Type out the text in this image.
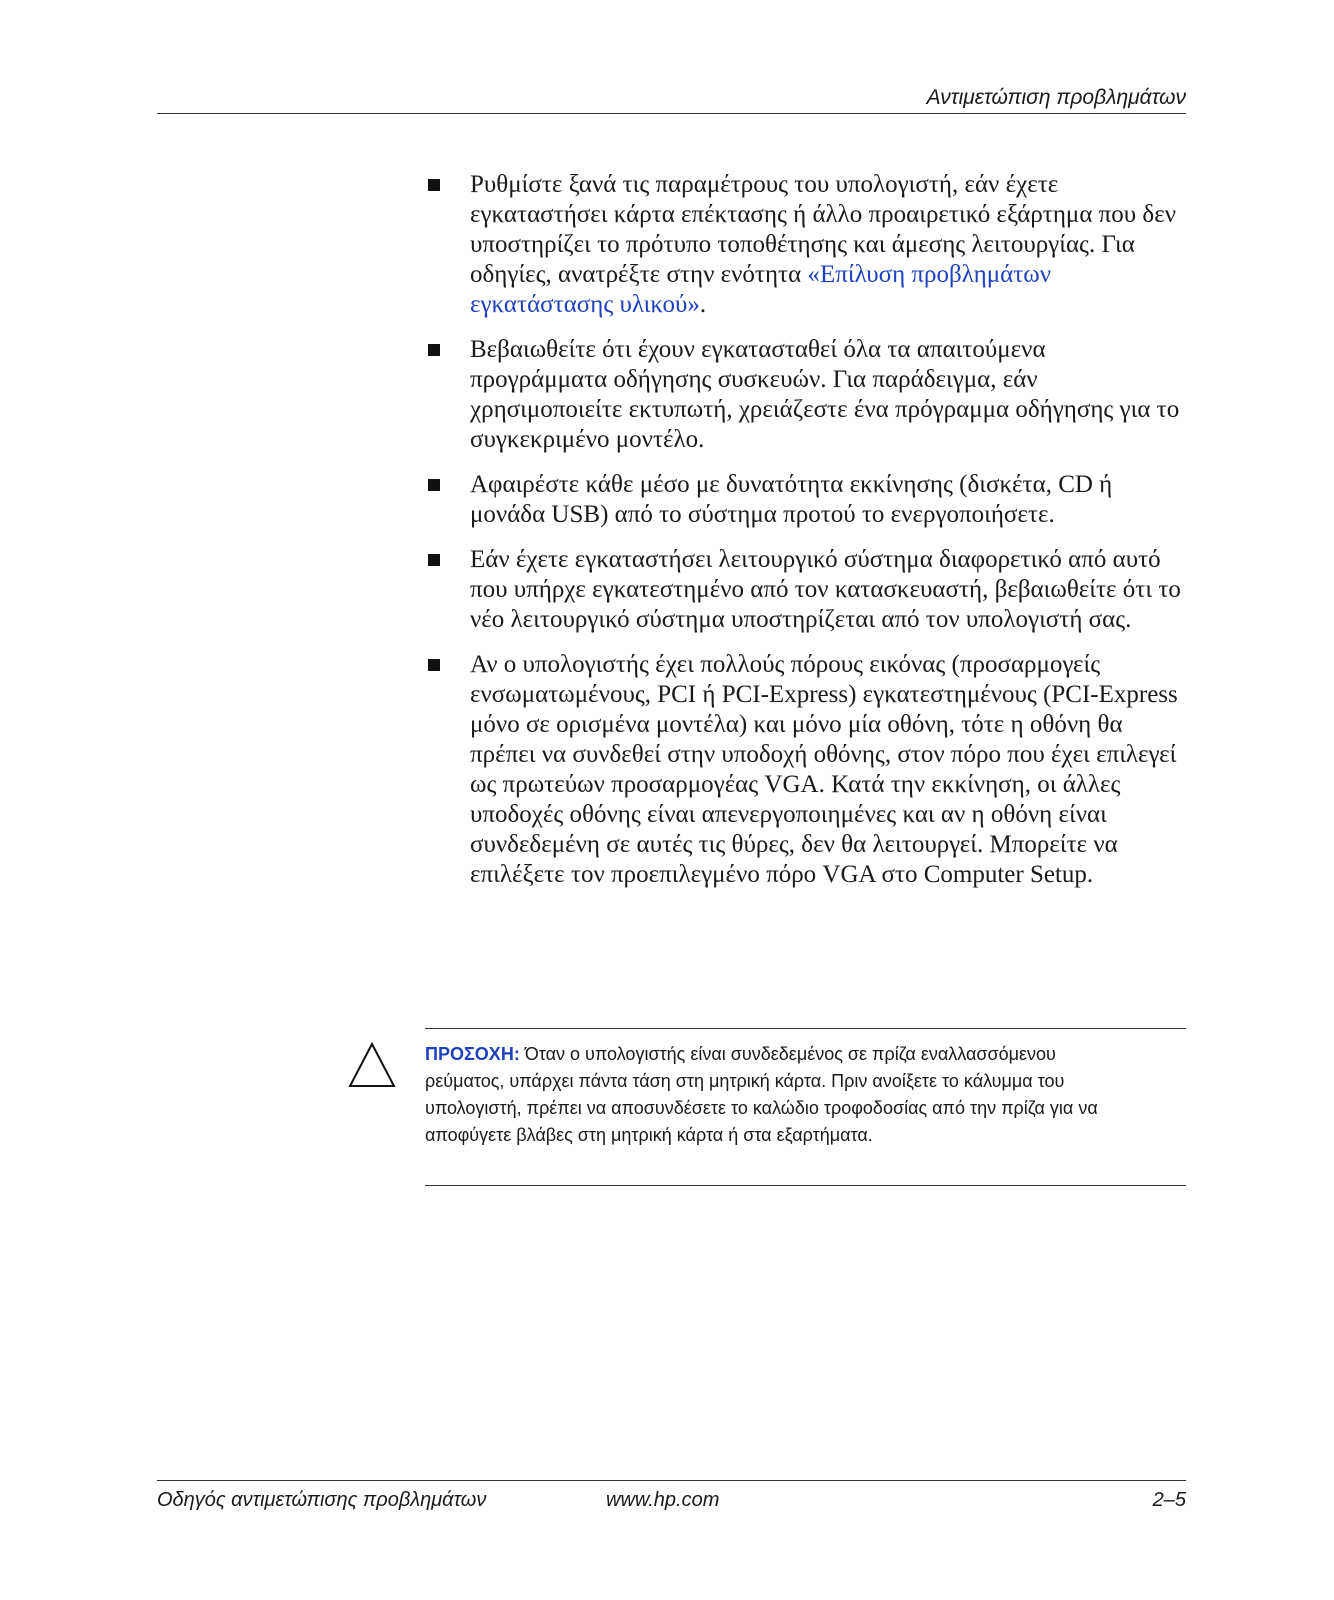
Αντιμετώπιση προβλημάτων
Ρυθμίστε ξανά τις παραμέτρους του υπολογιστή, εάν έχετε εγκαταστήσει κάρτα επέκτασης ή άλλο προαιρετικό εξάρτημα που δεν υποστηρίζει το πρότυπο τοποθέτησης και άμεσης λειτουργίας. Για οδηγίες, ανατρέξτε στην ενότητα «Επίλυση προβλημάτων εγκατάστασης υλικού».
Βεβαιωθείτε ότι έχουν εγκατασταθεί όλα τα απαιτούμενα προγράμματα οδήγησης συσκευών. Για παράδειγμα, εάν χρησιμοποιείτε εκτυπωτή, χρειάζεστε ένα πρόγραμμα οδήγησης για το συγκεκριμένο μοντέλο.
Αφαιρέστε κάθε μέσο με δυνατότητα εκκίνησης (δισκέτα, CD ή μονάδα USB) από το σύστημα προτού το ενεργοποιήσετε.
Εάν έχετε εγκαταστήσει λειτουργικό σύστημα διαφορετικό από αυτό που υπήρχε εγκατεστημένο από τον κατασκευαστή, βεβαιωθείτε ότι το νέο λειτουργικό σύστημα υποστηρίζεται από τον υπολογιστή σας.
Αν ο υπολογιστής έχει πολλούς πόρους εικόνας (προσαρμογείς ενσωματωμένους, PCI ή PCI-Express) εγκατεστημένους (PCI-Express μόνο σε ορισμένα μοντέλα) και μόνο μία οθόνη, τότε η οθόνη θα πρέπει να συνδεθεί στην υποδοχή οθόνης, στον πόρο που έχει επιλεγεί ως πρωτεύων προσαρμογέας VGA. Κατά την εκκίνηση, οι άλλες υποδοχές οθόνης είναι απενεργοποιημένες και αν η οθόνη είναι συνδεδεμένη σε αυτές τις θύρες, δεν θα λειτουργεί. Μπορείτε να επιλέξετε τον προεπιλεγμένο πόρο VGA στο Computer Setup.
ΠΡΟΣΟΧΗ: Όταν ο υπολογιστής είναι συνδεδεμένος σε πρίζα εναλλασσόμενου ρεύματος, υπάρχει πάντα τάση στη μητρική κάρτα. Πριν ανοίξετε το κάλυμμα του υπολογιστή, πρέπει να αποσυνδέσετε το καλώδιο τροφοδοσίας από την πρίζα για να αποφύγετε βλάβες στη μητρική κάρτα ή στα εξαρτήματα.
Οδηγός αντιμετώπισης προβλημάτων	www.hp.com	2–5
